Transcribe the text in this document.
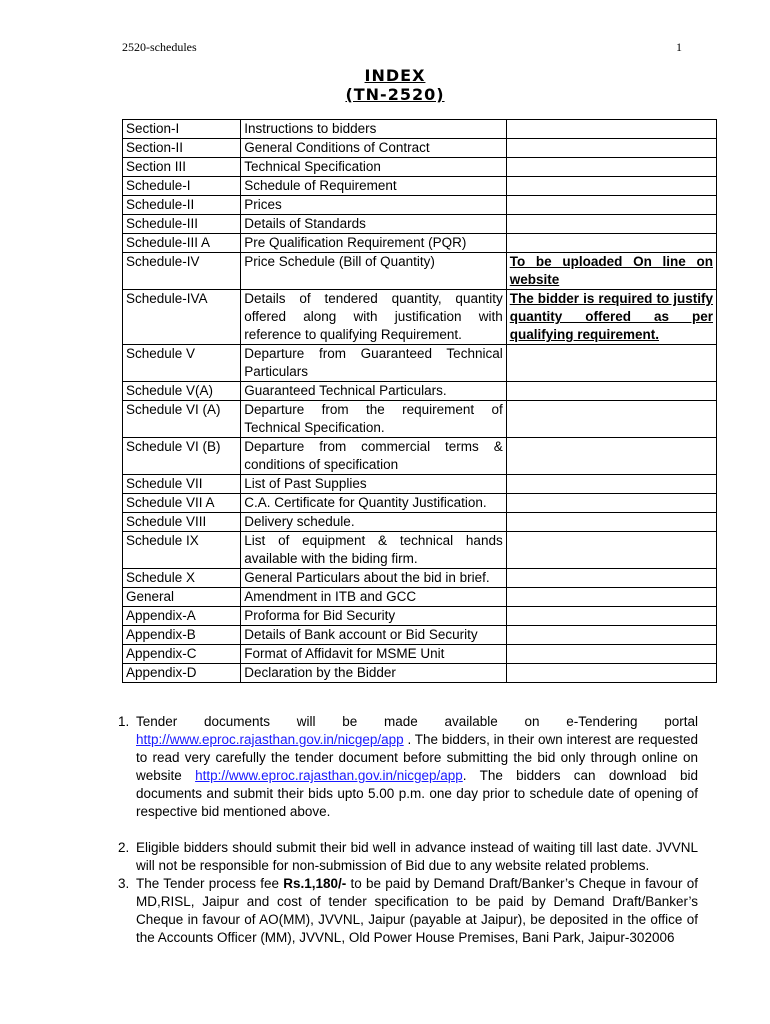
2520-schedules	1
INDEX
(TN-2520)
Section-I	Instructions to bidders	
Section-II	General Conditions of Contract	
Section III	Technical Specification	
Schedule-I	Schedule of Requirement	
Schedule-II	Prices	
Schedule-III	Details of Standards	
Schedule-III A	Pre Qualification Requirement (PQR)	
Schedule-IV	Price Schedule (Bill of Quantity)	To be uploaded On line on website
Schedule-IVA	Details of tendered quantity, quantity offered along with justification with reference to qualifying Requirement.	The bidder is required to justify quantity offered as per qualifying requirement.
Schedule V	Departure from Guaranteed Technical Particulars	
Schedule V(A)	Guaranteed Technical Particulars.	
Schedule VI (A)	Departure from the requirement of Technical Specification.	
Schedule VI (B)	Departure from commercial terms & conditions of specification	
Schedule VII	List of Past Supplies	
Schedule VII A	C.A. Certificate for Quantity Justification.	
Schedule VIII	Delivery schedule.	
Schedule IX	List of equipment & technical hands available with the biding firm.	
Schedule X	General Particulars about the bid in brief.	
General	Amendment in ITB and GCC	
Appendix-A	Proforma for Bid Security	
Appendix-B	Details of Bank account or Bid Security	
Appendix-C	Format of Affidavit for MSME Unit	
Appendix-D	Declaration by the Bidder	
1. Tender documents will be made available on e-Tendering portal
http://www.eproc.rajasthan.gov.in/nicgep/app . The bidders, in their own interest are requested to read very carefully the tender document before submitting the bid only through online on website http://www.eproc.rajasthan.gov.in/nicgep/app. The bidders can download bid documents and submit their bids upto 5.00 p.m. one day prior to schedule date of opening of respective bid mentioned above.
2. Eligible bidders should submit their bid well in advance instead of waiting till last date. JVVNL will not be responsible for non-submission of Bid due to any website related problems.
3. The Tender process fee Rs.1,180/- to be paid by Demand Draft/Banker’s Cheque in favour of MD,RISL, Jaipur and cost of tender specification to be paid by Demand Draft/Banker’s Cheque in favour of AO(MM), JVVNL, Jaipur (payable at Jaipur), be deposited in the office of the Accounts Officer (MM), JVVNL, Old Power House Premises, Bani Park, Jaipur-302006
